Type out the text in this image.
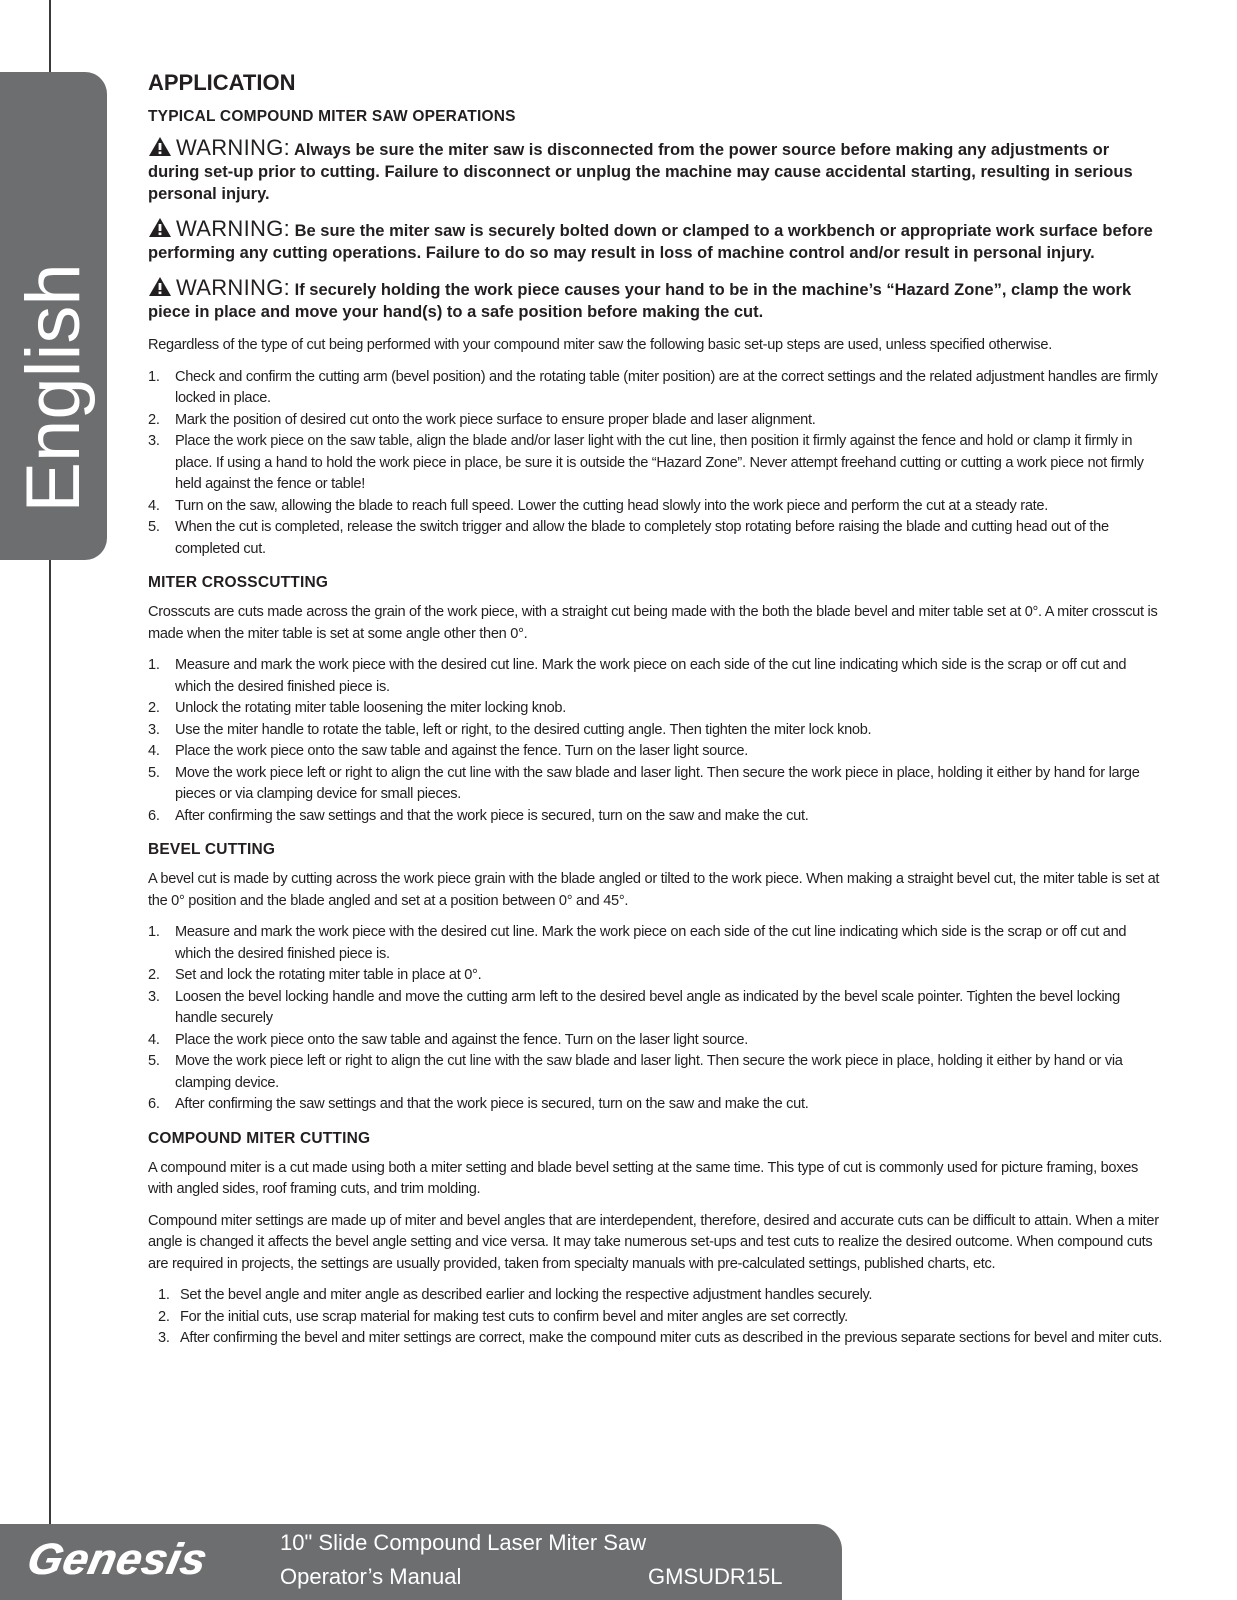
English
APPLICATION
TYPICAL COMPOUND MITER SAW OPERATIONS

WARNING: Always be sure the miter saw is disconnected from the power source before making any adjustments or during set-up prior to cutting. Failure to disconnect or unplug the machine may cause accidental starting, resulting in serious personal injury.

WARNING: Be sure the miter saw is securely bolted down or clamped to a workbench or appropriate work surface before performing any cutting operations. Failure to do so may result in loss of machine control and/or result in personal injury.

WARNING: If securely holding the work piece causes your hand to be in the machine’s “Hazard Zone”, clamp the work piece in place and move your hand(s) to a safe position before making the cut.

Regardless of the type of cut being performed with your compound miter saw the following basic set-up steps are used, unless specified otherwise.

1. Check and confirm the cutting arm (bevel position) and the rotating table (miter position) are at the correct settings and the related adjustment handles are firmly locked in place.
2. Mark the position of desired cut onto the work piece surface to ensure proper blade and laser alignment.
3. Place the work piece on the saw table, align the blade and/or laser light with the cut line, then position it firmly against the fence and hold or clamp it firmly in place. If using a hand to hold the work piece in place, be sure it is outside the “Hazard Zone”. Never attempt freehand cutting or cutting a work piece not firmly held against the fence or table!
4. Turn on the saw, allowing the blade to reach full speed. Lower the cutting head slowly into the work piece and perform the cut at a steady rate.
5. When the cut is completed, release the switch trigger and allow the blade to completely stop rotating before raising the blade and cutting head out of the completed cut.
MITER CROSSCUTTING

Crosscuts are cuts made across the grain of the work piece, with a straight cut being made with the both the blade bevel and miter table set at 0°. A miter crosscut is made when the miter table is set at some angle other then 0°.

1. Measure and mark the work piece with the desired cut line. Mark the work piece on each side of the cut line indicating which side is the scrap or off cut and which the desired finished piece is.
2. Unlock the rotating miter table loosening the miter locking knob.
3. Use the miter handle to rotate the table, left or right, to the desired cutting angle. Then tighten the miter lock knob.
4. Place the work piece onto the saw table and against the fence. Turn on the laser light source.
5. Move the work piece left or right to align the cut line with the saw blade and laser light. Then secure the work piece in place, holding it either by hand for large pieces or via clamping device for small pieces.
6. After confirming the saw settings and that the work piece is secured, turn on the saw and make the cut.
BEVEL CUTTING

A bevel cut is made by cutting across the work piece grain with the blade angled or tilted to the work piece. When making a straight bevel cut, the miter table is set at the 0° position and the blade angled and set at a position between 0° and 45°.

1. Measure and mark the work piece with the desired cut line. Mark the work piece on each side of the cut line indicating which side is the scrap or off cut and which the desired finished piece is.
2. Set and lock the rotating miter table in place at 0°.
3. Loosen the bevel locking handle and move the cutting arm left to the desired bevel angle as indicated by the bevel scale pointer. Tighten the bevel locking handle securely
4. Place the work piece onto the saw table and against the fence. Turn on the laser light source.
5. Move the work piece left or right to align the cut line with the saw blade and laser light. Then secure the work piece in place, holding it either by hand or via clamping device.
6. After confirming the saw settings and that the work piece is secured, turn on the saw and make the cut.
COMPOUND MITER CUTTING

A compound miter is a cut made using both a miter setting and blade bevel setting at the same time. This type of cut is commonly used for picture framing, boxes with angled sides, roof framing cuts, and trim molding.

Compound miter settings are made up of miter and bevel angles that are interdependent, therefore, desired and accurate cuts can be difficult to attain. When a miter angle is changed it affects the bevel angle setting and vice versa. It may take numerous set-ups and test cuts to realize the desired outcome. When compound cuts are required in projects, the settings are usually provided, taken from specialty manuals with pre-calculated settings, published charts, etc.

1. Set the bevel angle and miter angle as described earlier and locking the respective adjustment handles securely.
2. For the initial cuts, use scrap material for making test cuts to confirm bevel and miter angles are set correctly.
3. After confirming the bevel and miter settings are correct, make the compound miter cuts as described in the previous separate sections for bevel and miter cuts.
Genesis	10" Slide Compound Laser Miter Saw
Operator’s Manual	GMSUDR15L
